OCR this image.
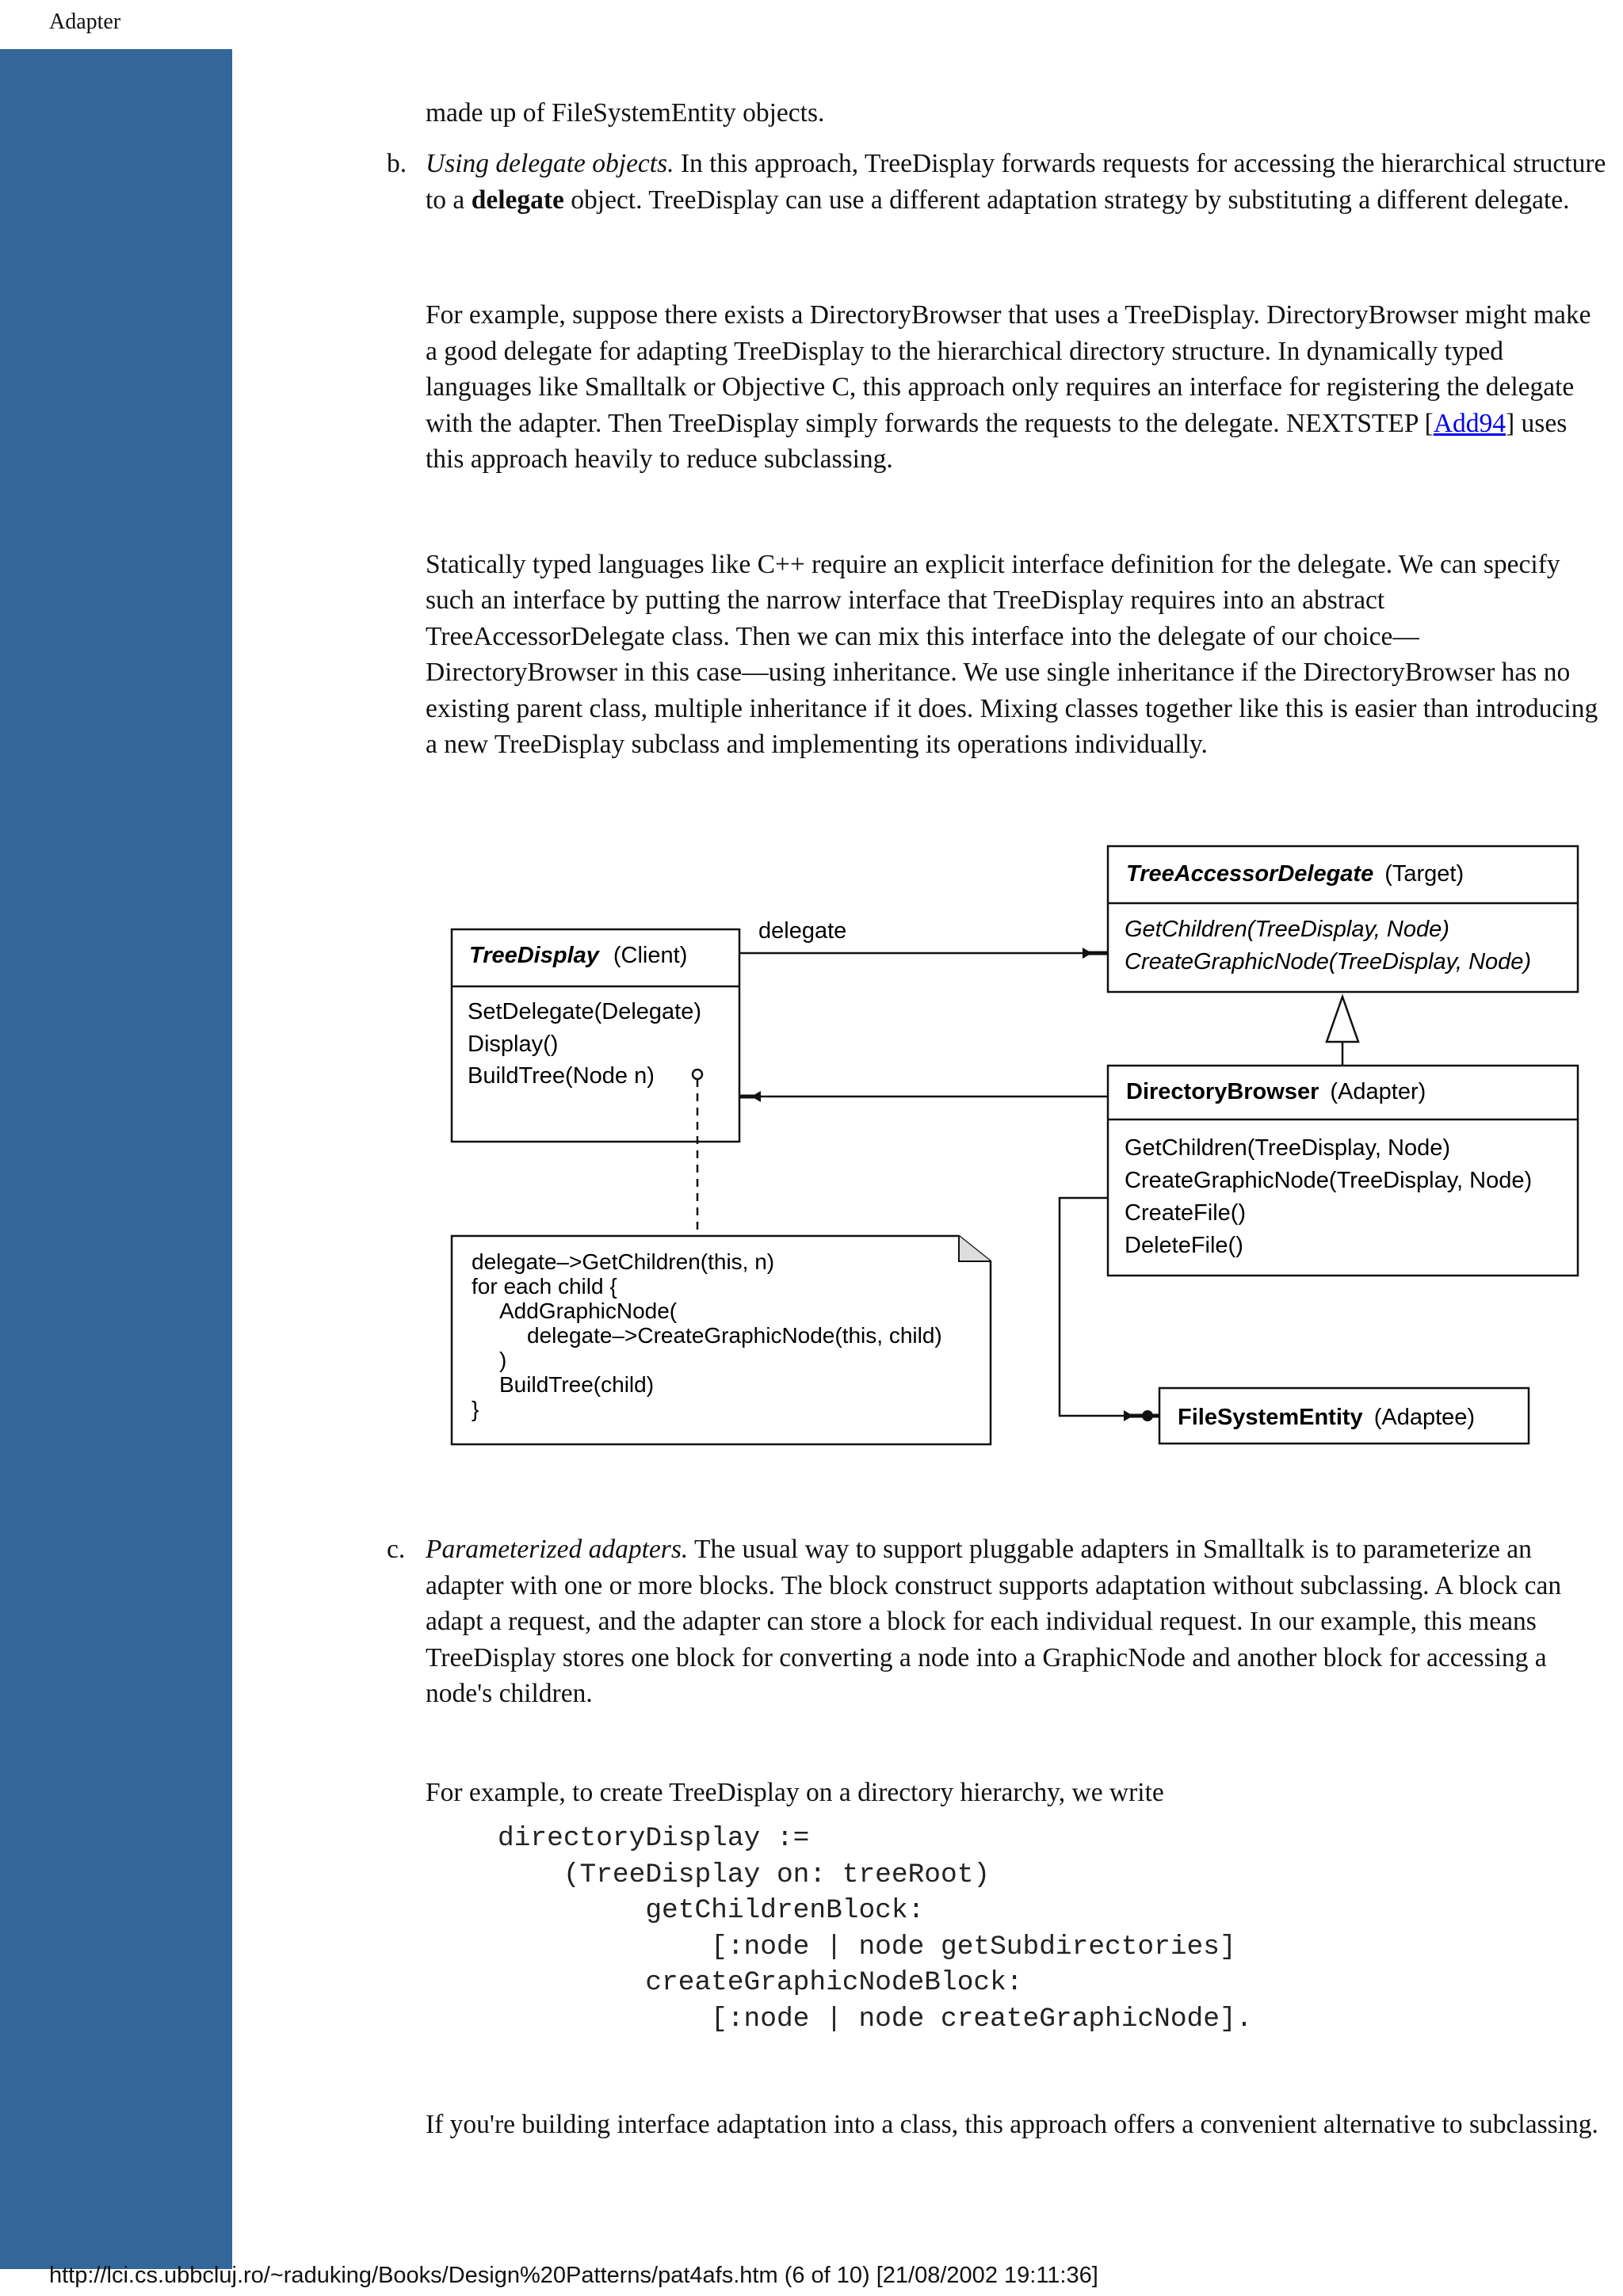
Adapter

made up of FileSystemEntity objects.

b. Using delegate objects. In this approach, TreeDisplay forwards requests for accessing the hierarchical structure to a delegate object. TreeDisplay can use a different adaptation strategy by substituting a different delegate.
For example, suppose there exists a DirectoryBrowser that uses a TreeDisplay. DirectoryBrowser might make a good delegate for adapting TreeDisplay to the hierarchical directory structure. In dynamically typed languages like Smalltalk or Objective C, this approach only requires an interface for registering the delegate with the adapter. Then TreeDisplay simply forwards the requests to the delegate. NEXTSTEP [Add94] uses this approach heavily to reduce subclassing.

Statically typed languages like C++ require an explicit interface definition for the delegate. We can specify such an interface by putting the narrow interface that TreeDisplay requires into an abstract TreeAccessorDelegate class. Then we can mix this interface into the delegate of our choice—DirectoryBrowser in this case—using inheritance. We use single inheritance if the DirectoryBrowser has no existing parent class, multiple inheritance if it does. Mixing classes together like this is easier than introducing a new TreeDisplay subclass and implementing its operations individually.

TreeDisplay (Client)
SetDelegate(Delegate)
Display()
BuildTree(Node n)
TreeAccessorDelegate (Target)
GetChildren(TreeDisplay, Node)
CreateGraphicNode(TreeDisplay, Node)
DirectoryBrowser (Adapter)
GetChildren(TreeDisplay, Node)
CreateGraphicNode(TreeDisplay, Node)
CreateFile()
DeleteFile()
FileSystemEntity (Adaptee)
delegate–>GetChildren(this, n)
for each child {
AddGraphicNode(
delegate–>CreateGraphicNode(this, child)
)
BuildTree(child)
}
delegate
c. Parameterized adapters. The usual way to support pluggable adapters in Smalltalk is to parameterize an adapter with one or more blocks. The block construct supports adaptation without subclassing. A block can adapt a request, and the adapter can store a block for each individual request. In our example, this means TreeDisplay stores one block for converting a node into a GraphicNode and another block for accessing a node's children.

For example, to create TreeDisplay on a directory hierarchy, we write

directoryDisplay :=
(TreeDisplay on: treeRoot)
getChildrenBlock:
[:node | node getSubdirectories]
createGraphicNodeBlock:
[:node | node createGraphicNode].

If you're building interface adaptation into a class, this approach offers a convenient alternative to subclassing.

http://lci.cs.ubbcluj.ro/~raduking/Books/Design%20Patterns/pat4afs.htm (6 of 10) [21/08/2002 19:11:36]
